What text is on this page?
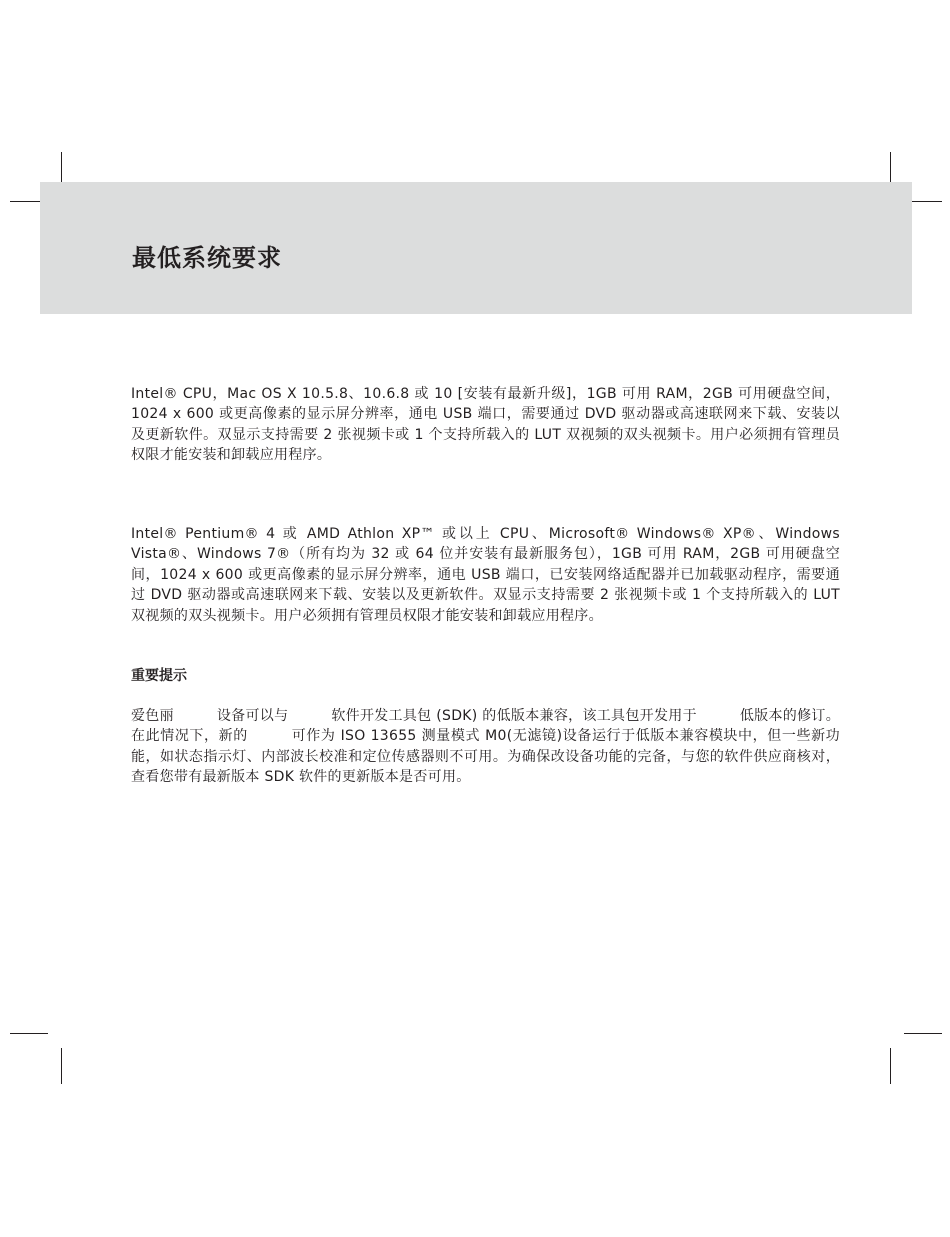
最低系统要求

Intel® CPU，Mac OS X 10.5.8、10.6.8 或 10 [安装有最新升级]，1GB 可用 RAM，2GB 可用硬盘空间，1024 x 600 或更高像素的显示屏分辨率，通电 USB 端口，需要通过 DVD 驱动器或高速联网来下载、安装以及更新软件。双显示支持需要 2 张视频卡或 1 个支持所载入的 LUT 双视频的双头视频卡。用户必须拥有管理员权限才能安装和卸载应用程序。

Intel® Pentium® 4 或 AMD Athlon XP™ 或以上 CPU、Microsoft® Windows® XP®、Windows Vista®、Windows 7®（所有均为 32 或 64 位并安装有最新服务包），1GB 可用 RAM，2GB 可用硬盘空间，1024 x 600 或更高像素的显示屏分辨率，通电 USB 端口，已安装网络适配器并已加载驱动程序，需要通过 DVD 驱动器或高速联网来下载、安装以及更新软件。双显示支持需要 2 张视频卡或 1 个支持所载入的 LUT 双视频的双头视频卡。用户必须拥有管理员权限才能安装和卸载应用程序。

重要提示

爱色丽　　　设备可以与　　　软件开发工具包 (SDK) 的低版本兼容，该工具包开发用于　　　低版本的修订。在此情况下，新的　　　可作为 ISO 13655 测量模式 M0(无滤镜)设备运行于低版本兼容模块中，但一些新功能，如状态指示灯、内部波长校准和定位传感器则不可用。为确保改设备功能的完备，与您的软件供应商核对，查看您带有最新版本 SDK 软件的更新版本是否可用。
